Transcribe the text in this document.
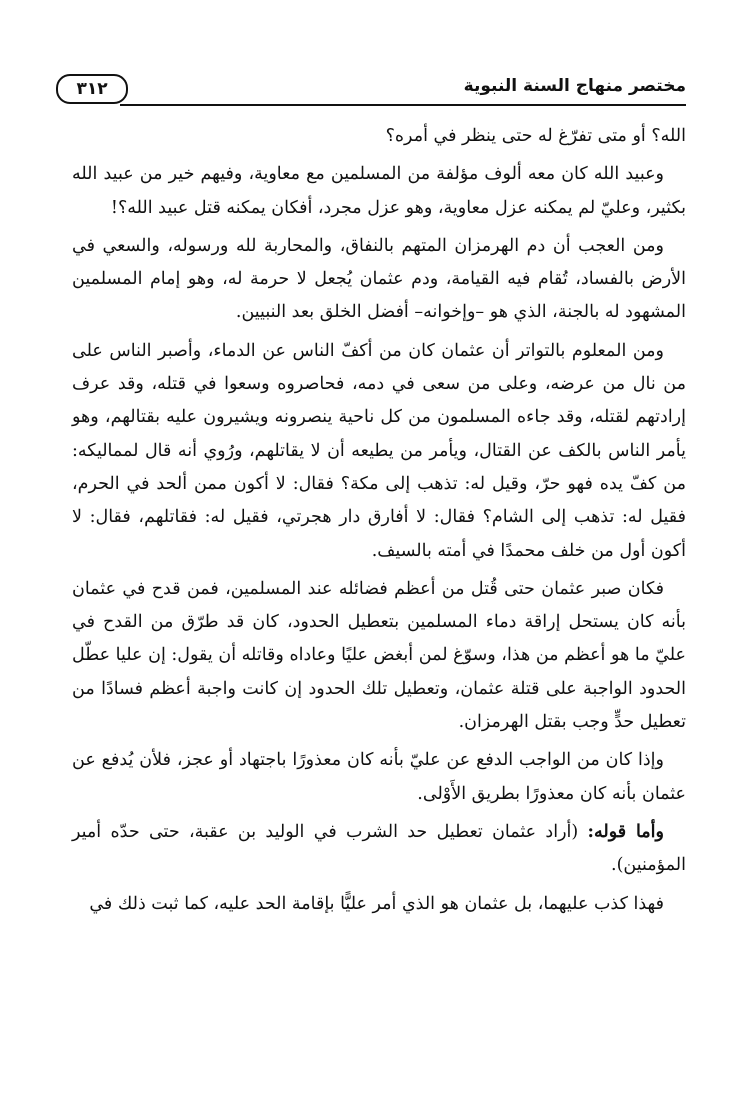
٣١٢	مختصر منهاج السنة النبوية

الله؟ أو متى تفرّغ له حتى ينظر في أمره؟

وعبيد الله كان معه ألوف مؤلفة من المسلمين مع معاوية، وفيهم خير من عبيد الله بكثير، وعليّ لم يمكنه عزل معاوية، وهو عزل مجرد، أفكان يمكنه قتل عبيد الله؟!

ومن العجب أن دم الهرمزان المتهم بالنفاق، والمحاربة لله ورسوله، والسعي في الأرض بالفساد، تُقام فيه القيامة، ودم عثمان يُجعل لا حرمة له، وهو إمام المسلمين المشهود له بالجنة، الذي هو –وإخوانه– أفضل الخلق بعد النبيين.

ومن المعلوم بالتواتر أن عثمان كان من أكفّ الناس عن الدماء، وأصبر الناس على من نال من عرضه، وعلى من سعى في دمه، فحاصروه وسعوا في قتله، وقد عرف إرادتهم لقتله، وقد جاءه المسلمون من كل ناحية ينصرونه ويشيرون عليه بقتالهم، وهو يأمر الناس بالكف عن القتال، ويأمر من يطيعه أن لا يقاتلهم، ورُوي أنه قال لمماليكه: من كفّ يده فهو حرّ، وقيل له: تذهب إلى مكة؟ فقال: لا أكون ممن ألحد في الحرم، فقيل له: تذهب إلى الشام؟ فقال: لا أفارق دار هجرتي، فقيل له: فقاتلهم، فقال: لا أكون أول من خلف محمدًا في أمته بالسيف.

فكان صبر عثمان حتى قُتل من أعظم فضائله عند المسلمين، فمن قدح في عثمان بأنه كان يستحل إراقة دماء المسلمين بتعطيل الحدود، كان قد طرّق من القدح في عليّ ما هو أعظم من هذا، وسوّغ لمن أبغض عليًا وعاداه وقاتله أن يقول: إن عليا عطّل الحدود الواجبة على قتلة عثمان، وتعطيل تلك الحدود إن كانت واجبة أعظم فسادًا من تعطيل حدٍّ وجب بقتل الهرمزان.

وإذا كان من الواجب الدفع عن عليّ بأنه كان معذورًا باجتهاد أو عجز، فلأن يُدفع عن عثمان بأنه كان معذورًا بطريق الأَوْلى.

وأما قوله: (أراد عثمان تعطيل حد الشرب في الوليد بن عقبة، حتى حدّه أمير المؤمنين).

فهذا كذب عليهما، بل عثمان هو الذي أمر عليًّا بإقامة الحد عليه، كما ثبت ذلك في
